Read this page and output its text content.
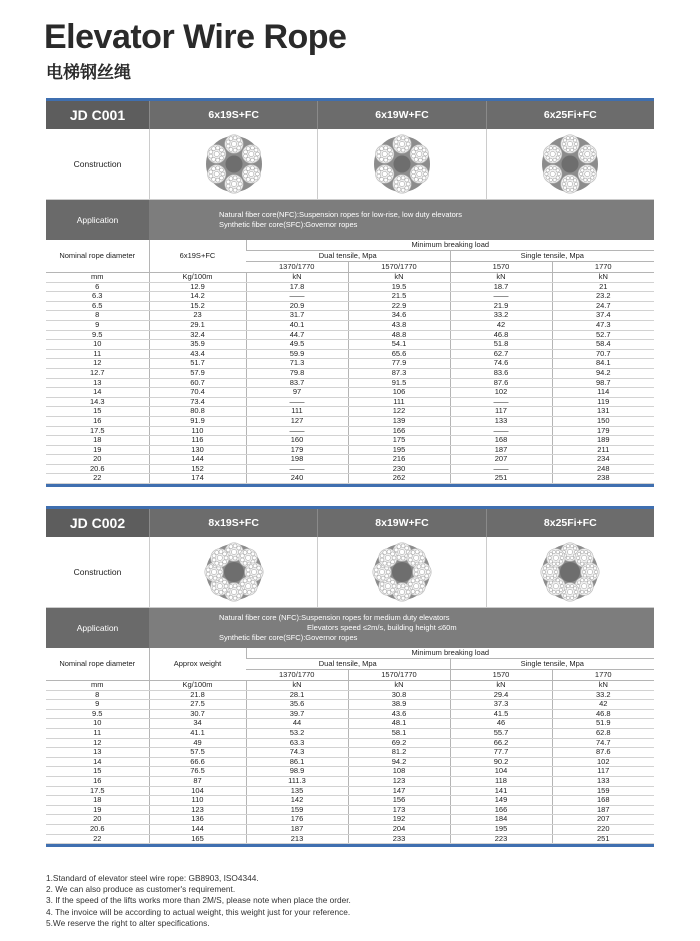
Elevator Wire Rope
电梯钢丝绳
JD C001	6x19S+FC	6x19W+FC	6x25Fi+FC
Construction
Application
Natural fiber core(NFC):Suspension ropes for low-rise, low duty elevators
Synthetic fiber core(SFC):Governor ropes
Nominal rope diameter	6x19S+FC	Minimum breaking load			
		Dual tensile, Mpa		Single tensile, Mpa	
		1370/1770	1570/1770	1570	1770
mm	Kg/100m	kN	kN	kN	kN
6	12.9	17.8	19.5	18.7	21
6.3	14.2	——	21.5	——	23.2
6.5	15.2	20.9	22.9	21.9	24.7
8	23	31.7	34.6	33.2	37.4
9	29.1	40.1	43.8	42	47.3
9.5	32.4	44.7	48.8	46.8	52.7
10	35.9	49.5	54.1	51.8	58.4
11	43.4	59.9	65.6	62.7	70.7
12	51.7	71.3	77.9	74.6	84.1
12.7	57.9	79.8	87.3	83.6	94.2
13	60.7	83.7	91.5	87.6	98.7
14	70.4	97	106	102	114
14.3	73.4	——	111	——	119
15	80.8	111	122	117	131
16	91.9	127	139	133	150
17.5	110	——	166	——	179
18	116	160	175	168	189
19	130	179	195	187	211
20	144	198	216	207	234
20.6	152	——	230	——	248
22	174	240	262	251	238
JD C002	8x19S+FC	8x19W+FC	8x25Fi+FC
Construction
Application
Natural fiber core (NFC):Suspension ropes for medium duty elevators
Elevators speed ≤2m/s, building height ≤60m
Synthetic fiber core(SFC):Governor ropes
Nominal rope diameter	Approx weight	Minimum breaking load			
		Dual tensile, Mpa		Single tensile, Mpa	
		1370/1770	1570/1770	1570	1770
mm	Kg/100m	kN	kN	kN	kN
8	21.8	28.1	30.8	29.4	33.2
9	27.5	35.6	38.9	37.3	42
9.5	30.7	39.7	43.6	41.5	46.8
10	34	44	48.1	46	51.9
11	41.1	53.2	58.1	55.7	62.8
12	49	63.3	69.2	66.2	74.7
13	57.5	74.3	81.2	77.7	87.6
14	66.6	86.1	94.2	90.2	102
15	76.5	98.9	108	104	117
16	87	111.3	123	118	133
17.5	104	135	147	141	159
18	110	142	156	149	168
19	123	159	173	166	187
20	136	176	192	184	207
20.6	144	187	204	195	220
22	165	213	233	223	251
1.Standard of elevator steel wire rope: GB8903, ISO4344.
2. We can also produce as customer's requirement.
3. If the speed of the lifts works more than 2M/S, please note when place the order.
4. The invoice will be according to actual weight, this weight just for your reference.
5.We reserve the right to alter specifications.
